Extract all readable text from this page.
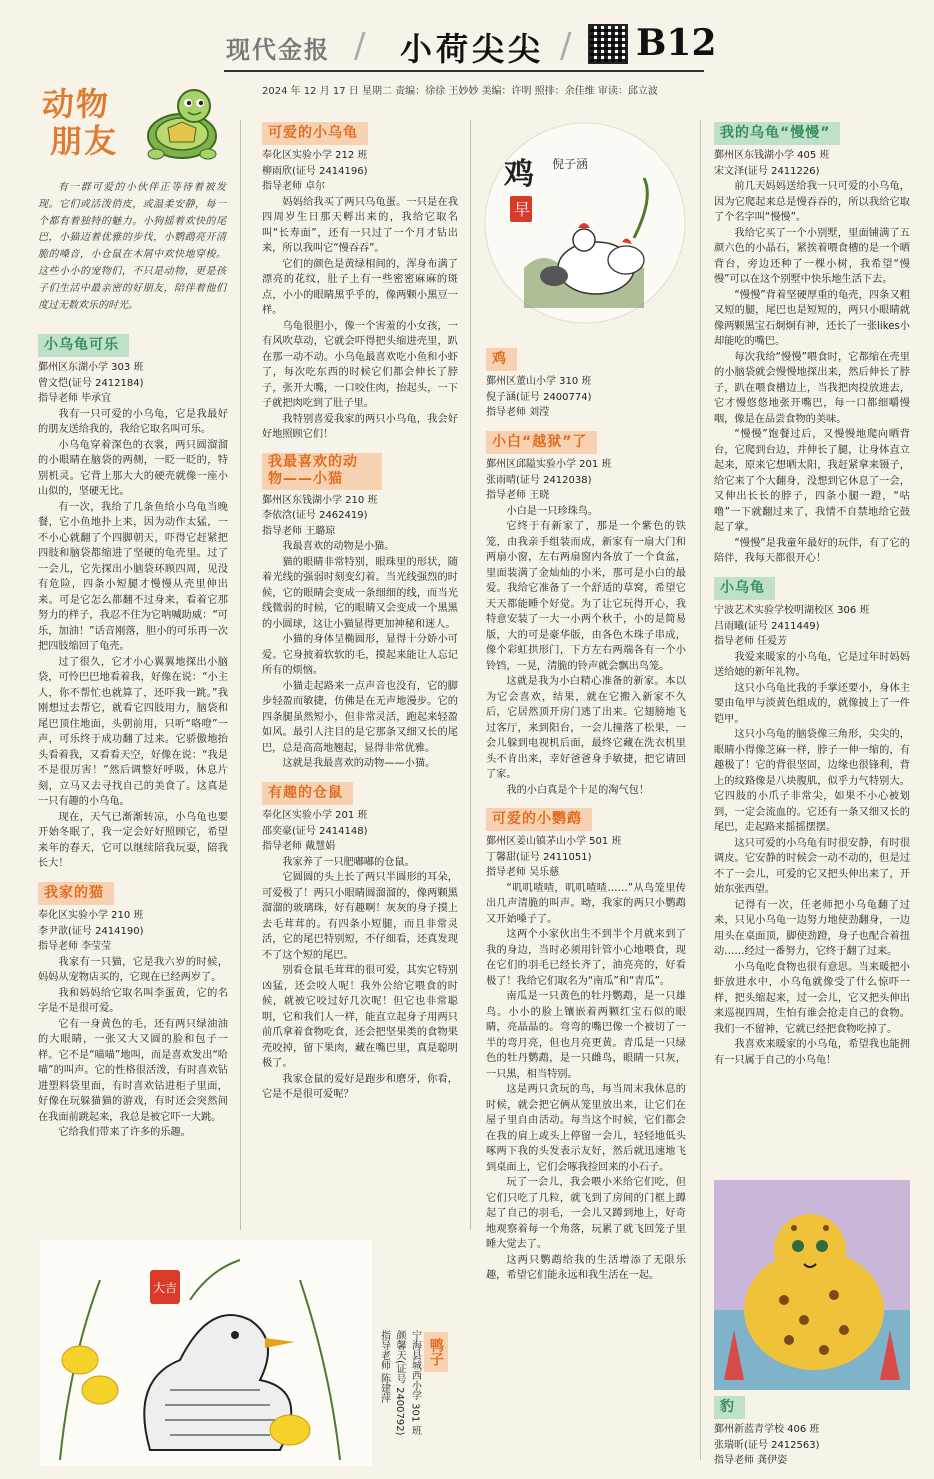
现代金报 / 小荷尖尖 / B12
2024 年 12 月 17 日 星期二 责编：徐徐 王妙妙 美编：许明 照排：余佳维 审读：邱立波
动物
朋友
有一群可爱的小伙伴正等待着被发现。它们或活泼俏皮，或温柔安静，每一个都有着独特的魅力。小狗摇着欢快的尾巴，小猫迈着优雅的步伐，小鹦鹉亮开清脆的嗓音，小仓鼠在木屑中欢快地穿梭。这些小小的宠物们，不只是动物，更是孩子们生活中最亲密的好朋友，陪伴着他们度过无数欢乐的时光。
小乌龟可乐
鄞州区东湖小学 303 班
曾文恺(证号 2412184)
指导老师 毕承宜

我有一只可爱的小乌龟，它是我最好的朋友送给我的，我给它取名叫可乐。

小乌龟穿着深色的衣裳，两只圆溜溜的小眼睛在脑袋的两侧，一眨一眨的，特别机灵。它背上那大大的硬壳就像一座小山似的，坚硬无比。

有一次，我给了几条鱼给小乌龟当晚餐，它小鱼地扑上来，因为动作太猛，一不小心就翻了个四脚朝天，吓得它赶紧把四肢和脑袋都缩进了坚硬的龟壳里。过了一会儿，它先探出小脑袋环顾四周，见没有危险，四条小短腿才慢慢从壳里伸出来。可是它怎么都翻不过身来，看着它那努力的样子，我忍不住为它呐喊助威：“可乐，加油！”话音刚落，胆小的可乐再一次把四肢缩回了龟壳。

过了很久，它才小心翼翼地探出小脑袋，可怜巴巴地看着我，好像在说：“小主人，你不帮忙也就算了，还吓我一跳。”我刚想过去帮它，就看它四肢用力，脑袋和尾巴顶住地面，头朝前用，只听“咯噔”一声，可乐终于成功翻了过来。它骄傲地抬头看着我，又看看天空，好像在说：“我是不是很厉害！”然后调整好呼吸，休息片刻，立马又去寻找自己的美食了。这真是一只有趣的小乌龟。

现在，天气已渐渐转凉，小乌龟也要开始冬眠了，我一定会好好照顾它，希望来年的春天，它可以继续陪我玩耍，陪我长大！

我家的猫
奉化区实验小学 210 班
李尹歆(证号 2414190)
指导老师 李莹莹

我家有一只猫，它是我六岁的时候，妈妈从宠物店买的，它现在已经两岁了。

我和妈妈给它取名叫李蛋黄，它的名字是不是很可爱。

它有一身黄色的毛，还有两只绿油油的大眼睛，一张又大又圆的脸和包子一样。它不是“喵喵”地叫，而是喜欢发出“哈喵”的叫声。它的性格很活泼，有时喜欢钻进塑料袋里面，有时喜欢钻进柜子里面，好像在玩躲猫猫的游戏，有时还会突然间在我面前跳起来，我总是被它吓一大跳。

它给我们带来了许多的乐趣。

可爱的小乌龟
奉化区实验小学 212 班
柳雨欣(证号 2414196)
指导老师 卓尔

妈妈给我买了两只乌龟蛋。一只是在我四周岁生日那天孵出来的，我给它取名叫“长寿面”，还有一只过了一个月才钻出来，所以我叫它“慢吞吞”。

它们的颜色是黄绿相间的，浑身布满了漂亮的花纹，肚子上有一些密密麻麻的斑点，小小的眼睛黑乎乎的，像两颗小黑豆一样。

乌龟很胆小，像一个害羞的小女孩，一有风吹草动，它就会吓得把头缩进壳里，趴在那一动不动。小乌龟最喜欢吃小鱼和小虾了，每次吃东西的时候它们都会伸长了脖子，张开大嘴，一口咬住肉，抬起头，一下子就把肉吃到了肚子里。

我特别喜爱我家的两只小乌龟，我会好好地照顾它们！

我最喜欢的动物——小猫
鄞州区东钱湖小学 210 班
李依浛(证号 2462419)
指导老师 王璐琼

我最喜欢的动物是小猫。

猫的眼睛非常特别，眼珠里的形状，随着光线的强弱时刻变幻着。当光线强烈的时候，它的眼睛会变成一条细细的线，而当光线微弱的时候，它的眼睛又会变成一个黑黑的小圆球，这让小猫显得更加神秘和迷人。

小猫的身体呈椭圆形，显得十分娇小可爱。它身披着软软的毛，摸起来能让人忘记所有的烦恼。

小猫走起路来一点声音也没有，它的脚步轻盈而敏捷，仿佛是在无声地漫步。它的四条腿虽然短小，但非常灵活，跑起来轻盈如风。最引人注目的是它那条又细又长的尾巴，总是高高地翘起，显得非常优雅。

这就是我最喜欢的动物——小猫。

有趣的仓鼠
奉化区实验小学 201 班
邵奕豪(证号 2414148)
指导老师 戴慧娟

我家养了一只肥嘟嘟的仓鼠。

它圆圆的头上长了两只半圆形的耳朵，可爱极了！两只小眼睛圆溜溜的，像两颗黑溜溜的玻璃珠，好有趣啊！灰灰的身子摸上去毛茸茸的。有四条小短腿，而且非常灵活，它的尾巴特别短，不仔细看，还真发现不了这个短的尾巴。

别看仓鼠毛茸茸的很可爱，其实它特别凶猛，还会咬人呢！我外公给它喂食的时候，就被它咬过好几次呢！但它也非常聪明，它和我们人一样，能直立起身子用两只前爪拿着食物吃食，还会把坚果类的食物果壳咬掉，留下果肉，藏在嘴巴里，真是聪明极了。

我家仓鼠的爱好是跑步和磨牙，你看，它是不是很可爱呢？

鸡 倪子涵
早
鸡
鄞州区董山小学 310 班
倪子涵(证号 2400774)
指导老师 刘滢
小白“越狱”了
鄞州区邱隘实验小学 201 班
张雨晴(证号 2412038)
指导老师 王晓

小白是一只珍珠鸟。

它终于有新家了，那是一个紫色的铁笼，由我亲手组装而成，新家有一扇大门和两扇小窗，左右两扇窗内各放了一个食盆，里面装满了金灿灿的小米，那可是小白的最爱。我给它准备了一个舒适的草窝，希望它天天都能睡个好觉。为了让它玩得开心，我特意安装了一大一小两个秋千，小的是简易版，大的可是豪华版，由各色木珠子串成，像个彩虹拱形门，下方左右两端各有一个小铃铛，一晃，清脆的铃声就会飘出鸟笼。

这就是我为小白精心准备的新家。本以为它会喜欢，结果，就在它搬入新家不久后，它居然顶开房门逃了出来。它翅膀地飞过客厅，来到阳台，一会儿撞落了松果，一会儿躲到电视机后面，最终它藏在洗衣机里头不肯出来，幸好爸爸身手敏捷，把它请回了家。

我的小白真是个十足的淘气包！

可爱的小鹦鹉
鄞州区姜山镇茅山小学 501 班
丁馨甜(证号 2411051)
指导老师 吴乐慈

“叽叽喳喳，叽叽喳喳……”从鸟笼里传出几声清脆的叫声。呦，我家的两只小鹦鹉又开始嗓子了。

这两个小家伙出生不到半个月就来到了我的身边，当时必须用针管小心地喂食，现在它们的羽毛已经长齐了，油亮亮的，好看极了！我给它们取名为“南瓜”和“青瓜”。

南瓜是一只黄色的牡丹鹦鹉，是一只雄鸟。小小的脸上镶嵌着两颗红宝石似的眼睛，亮晶晶的。弯弯的嘴巴像一个被切了一半的弯月亮，但也月亮更黄。青瓜是一只绿色的牡丹鹦鹉，是一只雌鸟，眼睛一只灰，一只黑，相当特别。

这是两只贪玩的鸟，每当周末我休息的时候，就会把它俩从笼里放出来，让它们在屋子里自由活动。每当这个时候，它们都会在我的肩上或头上停留一会儿，轻轻地低头啄两下我的头发表示友好，然后就迅速地飞到桌面上，它们会啄我捡回来的小石子。

玩了一会儿，我会喂小米给它们吃，但它们只吃了几粒，就飞到了房间的门框上蹲起了自己的羽毛，一会儿又蹲到地上，好奇地观察着每一个角落，玩累了就飞回笼子里睡大觉去了。

这两只鹦鹉给我的生活增添了无限乐趣，希望它们能永远和我生活在一起。

我的乌龟“慢慢”
鄞州区东钱湖小学 405 班
宋文泽(证号 2411226)

前几天妈妈送给我一只可爱的小乌龟，因为它爬起来总是慢吞吞的，所以我给它取了个名字叫“慢慢”。

我给它买了一个小别墅，里面铺满了五颜六色的小晶石，紧挨着喂食槽的是一个晒背台，旁边还种了一棵小树，我希望“慢慢”可以在这个别墅中快乐地生活下去。

“慢慢”背着坚硬厚重的龟壳，四条又粗又短的腿，尾巴也是短短的，两只小眼睛就像两颗黑宝石炯炯有神，还长了一张likes小却能吃的嘴巴。

每次我给“慢慢”喂食时，它都缩在壳里的小脑袋就会慢慢地探出来，然后伸长了脖子，趴在喂食槽边上，当我把肉投放进去，它才慢悠悠地张开嘴巴，每一口都细嚼慢咽，像是在品尝食物的美味。

“慢慢”饱餐过后，又慢慢地爬向晒背台，它爬到台边，并伸长了腿，让身体直立起来，原来它想晒太阳，我赶紧拿来镊子，给它来了个大翻身，没想到它休息了一会，又伸出长长的脖子，四条小腿一蹬，“咕噜”一下就翻过来了，我情不自禁地给它鼓起了掌。

“慢慢”是我童年最好的玩伴，有了它的陪伴，我每天都很开心！

小乌龟
宁波艺术实验学校明湖校区 306 班
吕雨曦(证号 2411449)
指导老师 任爱芳

我爱来暖家的小乌龟，它是过年时妈妈送给她的新年礼物。

这只小乌龟比我的手掌还要小，身体主要由龟甲与淡黄色组成的，就像披上了一件铠甲。

这只小乌龟的脑袋像三角形，尖尖的，眼睛小得像芝麻一样，脖子一伸一缩的，有趣极了！它的背很坚固，边缘也很锋利，背上的纹路像是八块腹肌，似乎力气特别大。它四肢的小爪子非常尖，如果不小心被划到，一定会流血的。它还有一条又细又长的尾巴，走起路来摇摇摆摆。

这只可爱的小乌龟有时很安静，有时很调皮。它安静的时候会一动不动的，但是过不了一会儿，可爱的它又把头伸出来了，开始东张西望。

记得有一次，任老师把小乌龟翻了过来，只见小乌龟一边努力地使劲翻身，一边用头在桌面顶，脚使劲蹬，身子也配合着扭动……经过一番努力，它终于翻了过来。

小乌龟吃食物也很有意思。当来暖把小虾放进水中，小乌龟就像受了什么惊吓一样，把头缩起来，过一会儿，它又把头伸出来巡视四周，生怕有谁会抢走自己的食物。我们一不留神，它就已经把食物吃掉了。

我喜欢来暖家的小乌龟，希望我也能拥有一只属于自己的小乌龟！

豹
鄞州新蓝青学校 406 班
张瑞昕(证号 2412563)
指导老师 龚伊姿
大吉
鸭子
宁海县城西小学 301 班
颜馨天(证号 2400792)
指导老师 陈建萍
